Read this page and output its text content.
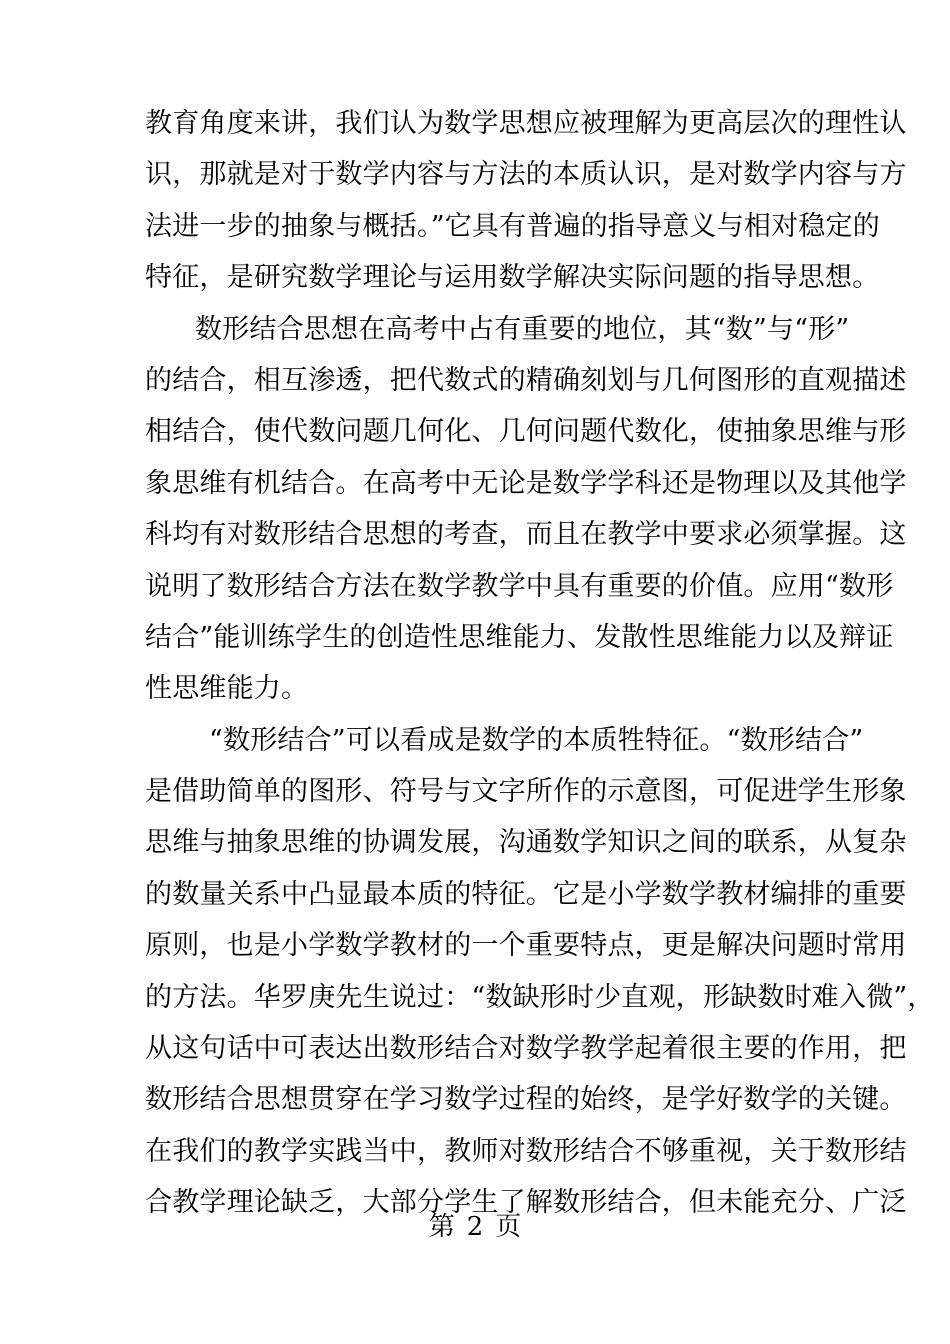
教育角度来讲，我们认为数学思想应被理解为更高层次的理性认
识，那就是对于数学内容与方法的本质认识，是对数学内容与方
法进一步的抽象与概括。”它具有普遍的指导意义与相对稳定的
特征，是研究数学理论与运用数学解决实际问题的指导思想。
数形结合思想在高考中占有重要的地位，其“数”与“形”
的结合，相互渗透，把代数式的精确刻划与几何图形的直观描述
相结合，使代数问题几何化、几何问题代数化，使抽象思维与形
象思维有机结合。在高考中无论是数学学科还是物理以及其他学
科均有对数形结合思想的考查，而且在教学中要求必须掌握。这
说明了数形结合方法在数学教学中具有重要的价值。应用“数形
结合”能训练学生的创造性思维能力、发散性思维能力以及辩证
性思维能力。
“数形结合”可以看成是数学的本质牲特征。“数形结合”
是借助简单的图形、符号与文字所作的示意图，可促进学生形象
思维与抽象思维的协调发展，沟通数学知识之间的联系，从复杂
的数量关系中凸显最本质的特征。它是小学数学教材编排的重要
原则，也是小学数学教材的一个重要特点，更是解决问题时常用
的方法。华罗庚先生说过：“数缺形时少直观，形缺数时难入微”，
从这句话中可表达出数形结合对数学教学起着很主要的作用，把
数形结合思想贯穿在学习数学过程的始终，是学好数学的关键。
在我们的教学实践当中，教师对数形结合不够重视，关于数形结
合教学理论缺乏，大部分学生了解数形结合，但未能充分、广泛
第 2 页
